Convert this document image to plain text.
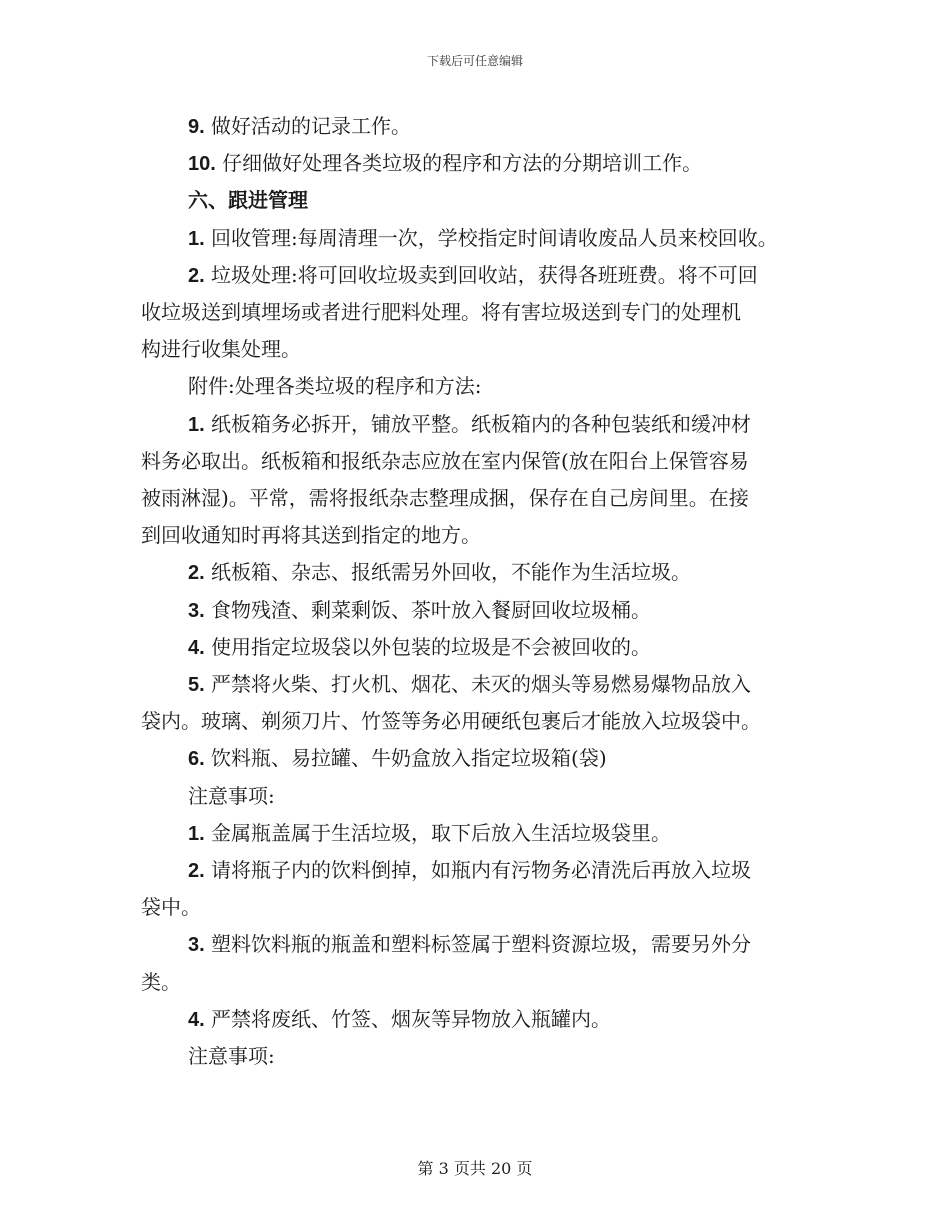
下载后可任意编辑
9. 做好活动的记录工作。
10. 仔细做好处理各类垃圾的程序和方法的分期培训工作。
六、跟进管理
1. 回收管理:每周清理一次，学校指定时间请收废品人员来校回收。
2. 垃圾处理:将可回收垃圾卖到回收站，获得各班班费。将不可回
收垃圾送到填埋场或者进行肥料处理。将有害垃圾送到专门的处理机
构进行收集处理。
附件:处理各类垃圾的程序和方法:
1. 纸板箱务必拆开，铺放平整。纸板箱内的各种包装纸和缓冲材
料务必取出。纸板箱和报纸杂志应放在室内保管(放在阳台上保管容易
被雨淋湿)。平常，需将报纸杂志整理成捆，保存在自己房间里。在接
到回收通知时再将其送到指定的地方。
2. 纸板箱、杂志、报纸需另外回收，不能作为生活垃圾。
3. 食物残渣、剩菜剩饭、茶叶放入餐厨回收垃圾桶。
4. 使用指定垃圾袋以外包装的垃圾是不会被回收的。
5. 严禁将火柴、打火机、烟花、未灭的烟头等易燃易爆物品放入
袋内。玻璃、剃须刀片、竹签等务必用硬纸包裹后才能放入垃圾袋中。
6. 饮料瓶、易拉罐、牛奶盒放入指定垃圾箱(袋)
注意事项:
1. 金属瓶盖属于生活垃圾，取下后放入生活垃圾袋里。
2. 请将瓶子内的饮料倒掉，如瓶内有污物务必清洗后再放入垃圾
袋中。
3. 塑料饮料瓶的瓶盖和塑料标签属于塑料资源垃圾，需要另外分
类。
4. 严禁将废纸、竹签、烟灰等异物放入瓶罐内。
注意事项:
第 3 页共 20 页
